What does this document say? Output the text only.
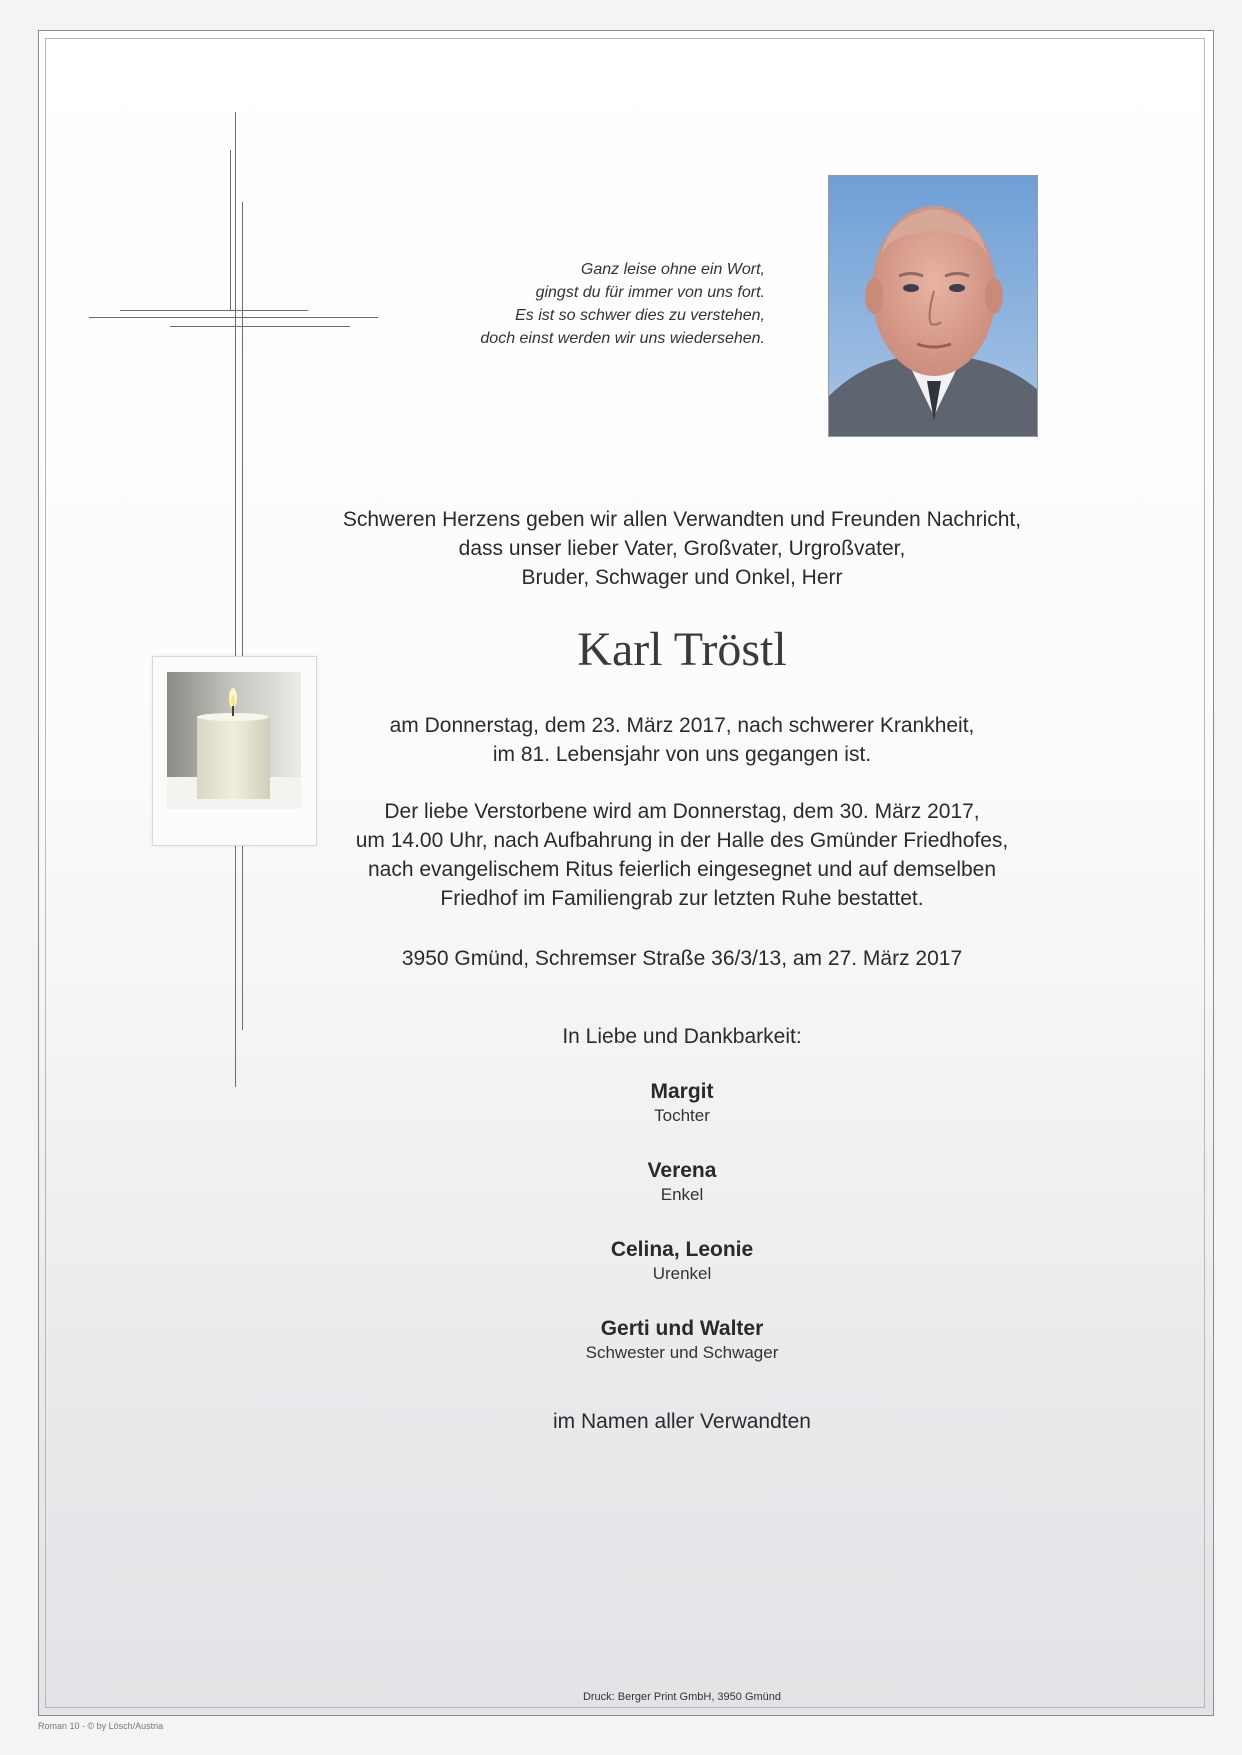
Ganz leise ohne ein Wort,
gingst du für immer von uns fort.
Es ist so schwer dies zu verstehen,
doch einst werden wir uns wiedersehen.
Schweren Herzens geben wir allen Verwandten und Freunden Nachricht,
dass unser lieber Vater, Großvater, Urgroßvater,
Bruder, Schwager und Onkel, Herr
Karl Tröstl
am Donnerstag, dem 23. März 2017, nach schwerer Krankheit,
im 81. Lebensjahr von uns gegangen ist.
Der liebe Verstorbene wird am Donnerstag, dem 30. März 2017,
um 14.00 Uhr, nach Aufbahrung in der Halle des Gmünder Friedhofes,
nach evangelischem Ritus feierlich eingesegnet und auf demselben
Friedhof im Familiengrab zur letzten Ruhe bestattet.
3950 Gmünd, Schremser Straße 36/3/13, am 27. März 2017
In Liebe und Dankbarkeit:
Margit
Tochter
Verena
Enkel
Celina, Leonie
Urenkel
Gerti und Walter
Schwester und Schwager
im Namen aller Verwandten
Druck: Berger Print GmbH, 3950 Gmünd
Roman 10 - © by Lösch/Austria
